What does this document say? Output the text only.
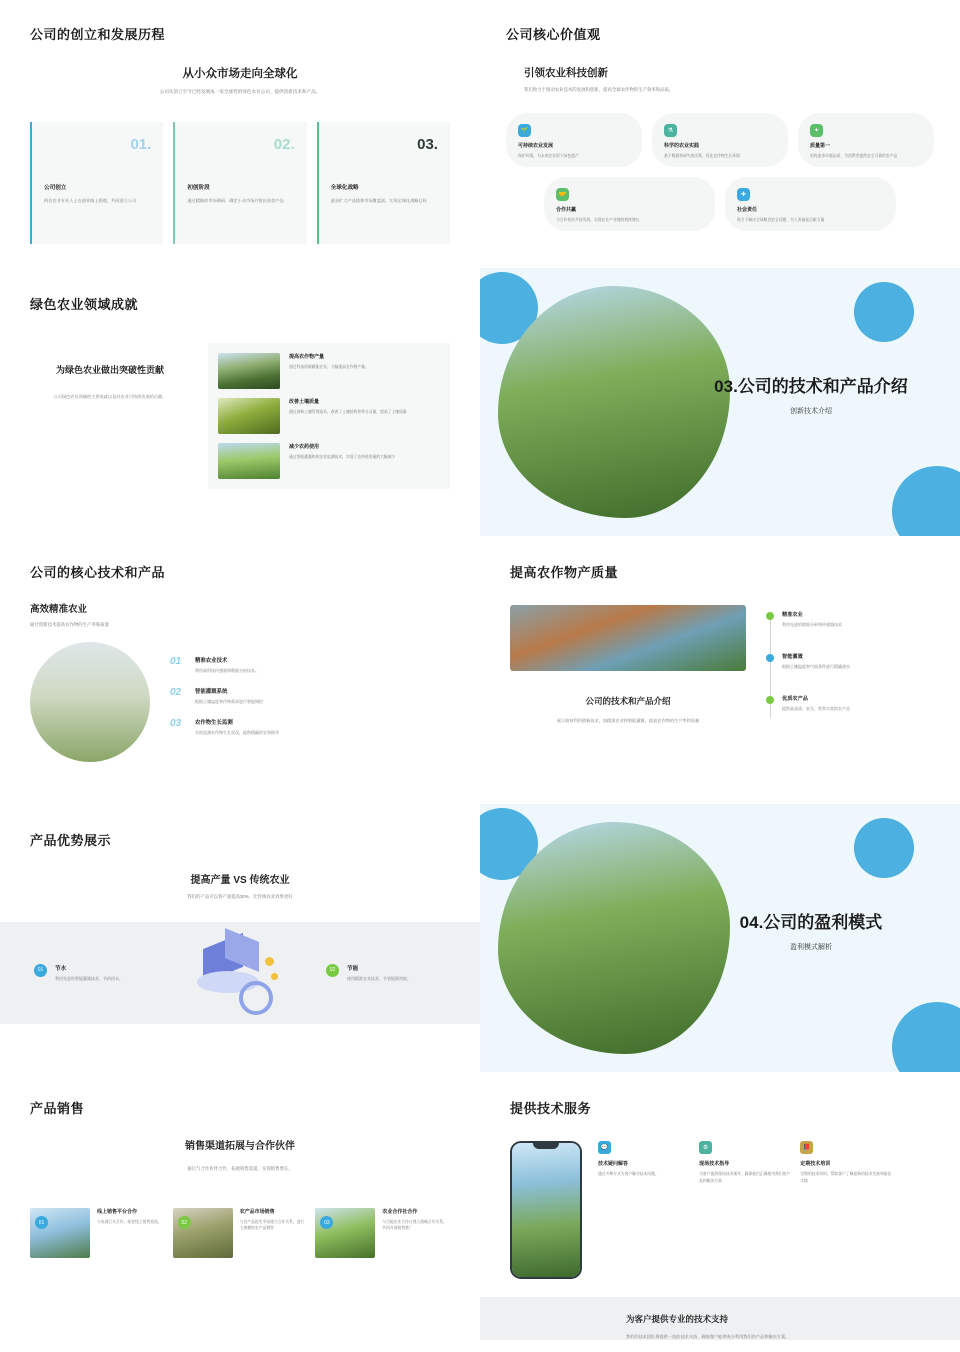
公司的创立和发展历程
从小众市场走向全球化

公司从创立至今已经发展成一家全球性的绿色农业公司，提供创新技术和产品。

01.
公司创立

两位农业专业人士在创业路上相遇，共同创立公司

02.
初创阶段

通过精细的市场调研，确定小众市场并推出首款产品

03.
全球化战略

逐步扩大产品线和市场覆盖面，实现全球化战略目标

公司核心价值观
引领农业科技创新

我们致力于推动农业技术的发展和创新，提高全球农作物的生产效率和品质。

🌱
可持续农业发展

保护环境，为未来农业留下绿色遗产

⚗
科学的农业实践

基于数据和研究的决策，优化农作物生长环境

✦
质量第一

始终追求卓越品质，为消费者提供安全可靠的农产品

🤝
合作共赢

与合作伙伴共同发展，实现农业产业链的持续增长

✚
社会责任

致力于解决全球粮食安全问题，为人类福祉贡献力量

绿色农业领域成就
为绿色农业做出突破性贡献

公司绿色农业领域的主要成就以及对农业可持续发展的贡献。

提高农作物产量

通过科技创新赋能农业，大幅提高农作物产量。

改善土壤质量

通过创新土壤管理技术，改善了土壤结构和养分含量，提高了土壤质量

减少农药使用

通过智能灌溉和病虫害监测技术，实现了农药使用量的大幅减少

03.公司的技术和产品介绍

创新技术介绍

公司的核心技术和产品
高效精准农业
通过创新技术提高农作物的生产率和质量
01	精准农业技术

利用高科技传感器和数据分析技术。

02	智能灌溉系统

根据土壤温度和作物需求进行智能调控

03	农作物生长监测

实时监测农作物生长状况，提供精确的农事指导

提高农作物产质量
公司的技术和产品介绍
展示如何利用创新技术，如精准农业和智能灌溉，提高农作物的生产率和质量
精准农业

利用先进的数据分析和传感器技术

智能灌溉

根据土壤温度和气候条件进行精确浇水

优质农产品

提供高品质、安全、营养丰富的农产品

产品优势展示
提高产量 VS 传统农业

我们的产品可以将产量提高30%、比传统农业效果更好

01	节水

利用先进的智能灌溉技术，节约用水。

02	节能

使用精准农业技术，节省能源消耗。

04.公司的盈利模式

盈利模式解析

产品销售
销售渠道拓展与合作伙伴

通过与合作伙伴合作，拓展销售渠道，实现销售增长。

01
线上销售平台合作

与电商巨头合作，拓宽线上销售渠道。	02
农产品市场销售

与农产品批发市场建立合作关系，进行大规模的农产品销售

03
农业合作社合作

与当地农业合作社建立战略合作关系，共同开展销售推广

提供技术服务
💬
技术疑问解答

通过多种方式为客户解决技术问题。

⚙
现场技术指导

为客户提供现场技术指导，确保他们正确使用我们的产品和解决方案

📕
定期技术培训

定期的技术培训，帮助客户了解最新的技术发展和最佳实践

为客户提供专业的技术支持

我们的技术团队将提供一流的技术支持，确保客户能够充分利用我们的产品和解决方案。
